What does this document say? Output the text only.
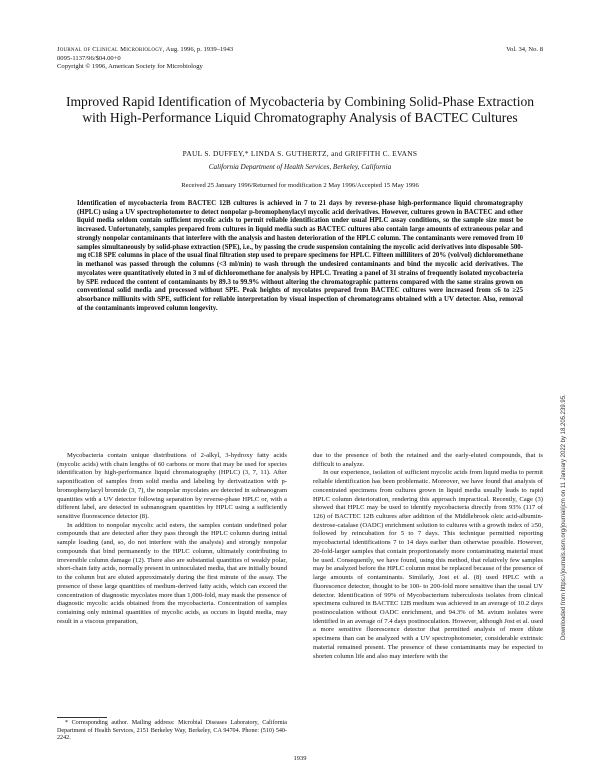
Journal of Clinical Microbiology, Aug. 1996, p. 1939–1943
0095-1137/96/$04.00+0
Copyright © 1996, American Society for Microbiology
Vol. 34, No. 8
Improved Rapid Identification of Mycobacteria by Combining Solid-Phase Extraction with High-Performance Liquid Chromatography Analysis of BACTEC Cultures
PAUL S. DUFFEY,* LINDA S. GUTHERTZ, and GRIFFITH C. EVANS
California Department of Health Services, Berkeley, California
Received 25 January 1996/Returned for modification 2 May 1996/Accepted 15 May 1996

Identification of mycobacteria from BACTEC 12B cultures is achieved in 7 to 21 days by reverse-phase high-performance liquid chromatography (HPLC) using a UV spectrophotometer to detect nonpolar p-bromophenylacyl mycolic acid derivatives. However, cultures grown in BACTEC and other liquid media seldom contain sufficient mycolic acids to permit reliable identification under usual HPLC assay conditions, so the sample size must be increased. Unfortunately, samples prepared from cultures in liquid media such as BACTEC cultures also contain large amounts of extraneous polar and strongly nonpolar contaminants that interfere with the analysis and hasten deterioration of the HPLC column. The contaminants were removed from 10 samples simultaneously by solid-phase extraction (SPE), i.e., by passing the crude suspension containing the mycolic acid derivatives into disposable 500-mg tC18 SPE columns in place of the usual final filtration step used to prepare specimens for HPLC. Fifteen milliliters of 20% (vol/vol) dichloromethane in methanol was passed through the columns (<3 ml/min) to wash through the undesired contaminants and bind the mycolic acid derivatives. The mycolates were quantitatively eluted in 3 ml of dichloromethane for analysis by HPLC. Treating a panel of 31 strains of frequently isolated mycobacteria by SPE reduced the content of contaminants by 89.3 to 99.9% without altering the chromatographic patterns compared with the same strains grown on conventional solid media and processed without SPE. Peak heights of mycolates prepared from BACTEC cultures were increased from ≤6 to ≥25 absorbance milliunits with SPE, sufficient for reliable interpretation by visual inspection of chromatograms obtained with a UV detector. Also, removal of the contaminants improved column longevity.

Mycobacteria contain unique distributions of 2-alkyl, 3-hydroxy fatty acids (mycolic acids) with chain lengths of 60 carbons or more that may be used for species identification by high-performance liquid chromatography (HPLC) (3, 7, 11). After saponification of samples from solid media and labeling by derivatization with p-bromophenylacyl bromide (3, 7), the nonpolar mycolates are detected in subnanogram quantities with a UV detector following separation by reverse-phase HPLC or, with a different label, are detected in subnanogram quantities by HPLC using a sufficiently sensitive fluorescence detector (8).

In addition to nonpolar mycolic acid esters, the samples contain undefined polar compounds that are detected after they pass through the HPLC column during initial sample loading (and, so, do not interfere with the analysis) and strongly nonpolar compounds that bind permanently to the HPLC column, ultimately contributing to irreversible column damage (12). There also are substantial quantities of weakly polar, short-chain fatty acids, normally present in uninoculated media, that are initially bound to the column but are eluted approximately during the first minute of the assay. The presence of these large quantities of medium-derived fatty acids, which can exceed the concentration of diagnostic mycolates more than 1,000-fold, may mask the presence of diagnostic mycolic acids obtained from the mycobacteria. Concentration of samples containing only minimal quantities of mycolic acids, as occurs in liquid media, may result in a viscous preparation,

due to the presence of both the retained and the early-eluted compounds, that is difficult to analyze.

In our experience, isolation of sufficient mycolic acids from liquid media to permit reliable identification has been problematic. Moreover, we have found that analysis of concentrated specimens from cultures grown in liquid media usually leads to rapid HPLC column deterioration, rendering this approach impractical. Recently, Cage (3) showed that HPLC may be used to identify mycobacteria directly from 93% (117 of 126) of BACTEC 12B cultures after addition of the Middlebrook oleic acid-albumin-dextrose-catalase (OADC) enrichment solution to cultures with a growth index of ≥50, followed by reincubation for 5 to 7 days. This technique permitted reporting mycobacterial identifications 7 to 14 days earlier than otherwise possible. However, 20-fold-larger samples that contain proportionately more contaminating material must be used. Consequently, we have found, using this method, that relatively few samples may be analyzed before the HPLC column must be replaced because of the presence of large amounts of contaminants. Similarly, Jost et al. (8) used HPLC with a fluorescence detector, thought to be 100- to 200-fold more sensitive than the usual UV detector. Identification of 99% of Mycobacterium tuberculosis isolates from clinical specimens cultured in BACTEC 12B medium was achieved in an average of 10.2 days postinoculation without OADC enrichment, and 94.3% of M. avium isolates were identified in an average of 7.4 days postinoculation. However, although Jost et al. used a more sensitive fluorescence detector that permitted analysis of more dilute specimens than can be analyzed with a UV spectrophotometer, considerable extrinsic material remained present. The presence of these contaminants may be expected to shorten column life and also may interfere with the

* Corresponding author. Mailing address: Microbial Diseases Laboratory, California Department of Health Services, 2151 Berkeley Way, Berkeley, CA 94704. Phone: (510) 540-2242.
1939
Downloaded from https://journals.asm.org/journal/jcm on 11 January 2022 by 18.205.239.95.
